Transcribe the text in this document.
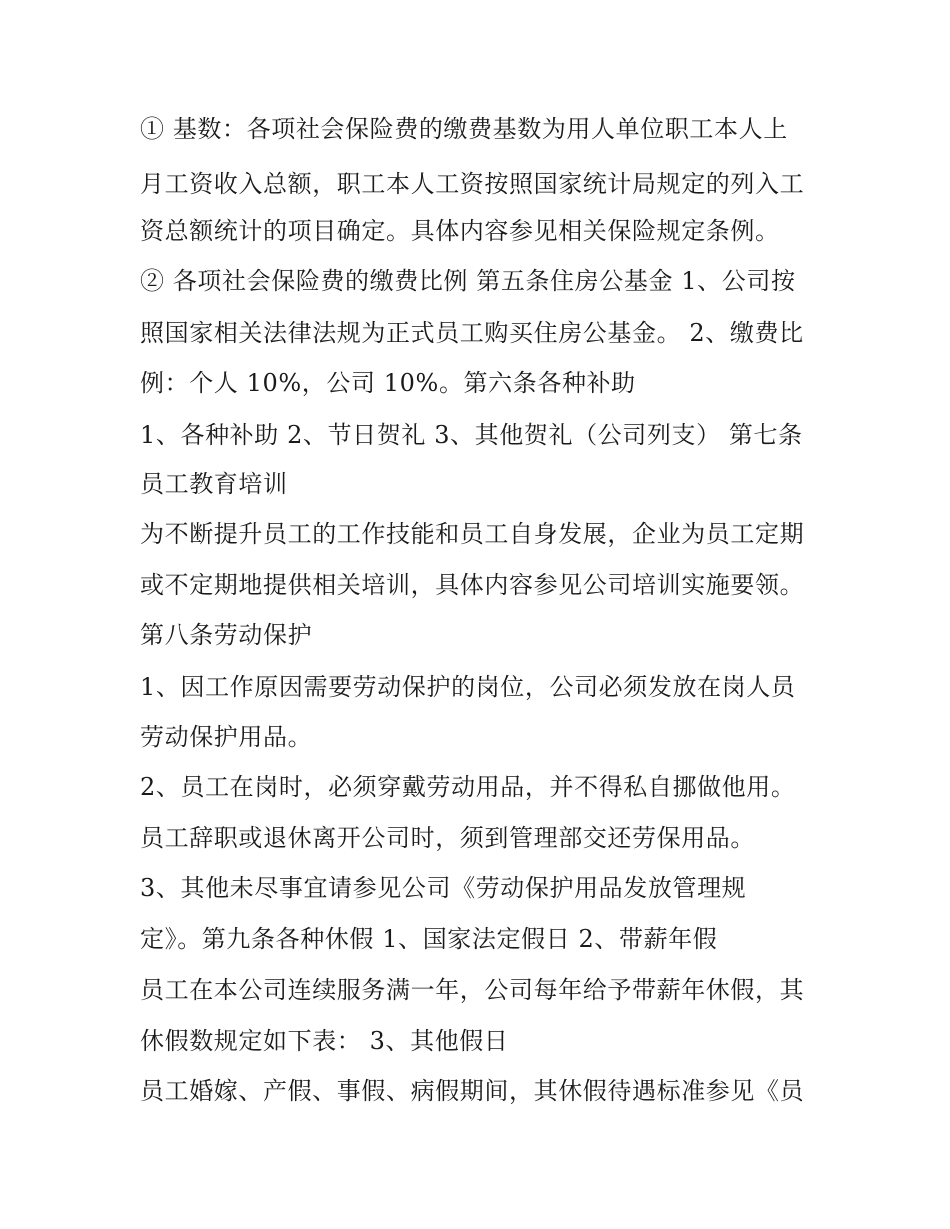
① 基数：各项社会保险费的缴费基数为用人单位职工本人上
月工资收入总额，职工本人工资按照国家统计局规定的列入工
资总额统计的项目确定。具体内容参见相关保险规定条例。
② 各项社会保险费的缴费比例 第五条住房公基金 1、公司按
照国家相关法律法规为正式员工购买住房公基金。 2、缴费比
例：个人 10%，公司 10%。第六条各种补助
1、各种补助 2、节日贺礼 3、其他贺礼（公司列支） 第七条
员工教育培训
为不断提升员工的工作技能和员工自身发展，企业为员工定期
或不定期地提供相关培训，具体内容参见公司培训实施要领。
第八条劳动保护
1、因工作原因需要劳动保护的岗位，公司必须发放在岗人员
劳动保护用品。
2、员工在岗时，必须穿戴劳动用品，并不得私自挪做他用。
员工辞职或退休离开公司时，须到管理部交还劳保用品。
3、其他未尽事宜请参见公司《劳动保护用品发放管理规
定》。第九条各种休假 1、国家法定假日 2、带薪年假
员工在本公司连续服务满一年，公司每年给予带薪年休假，其
休假数规定如下表： 3、其他假日
员工婚嫁、产假、事假、病假期间，其休假待遇标准参见《员
